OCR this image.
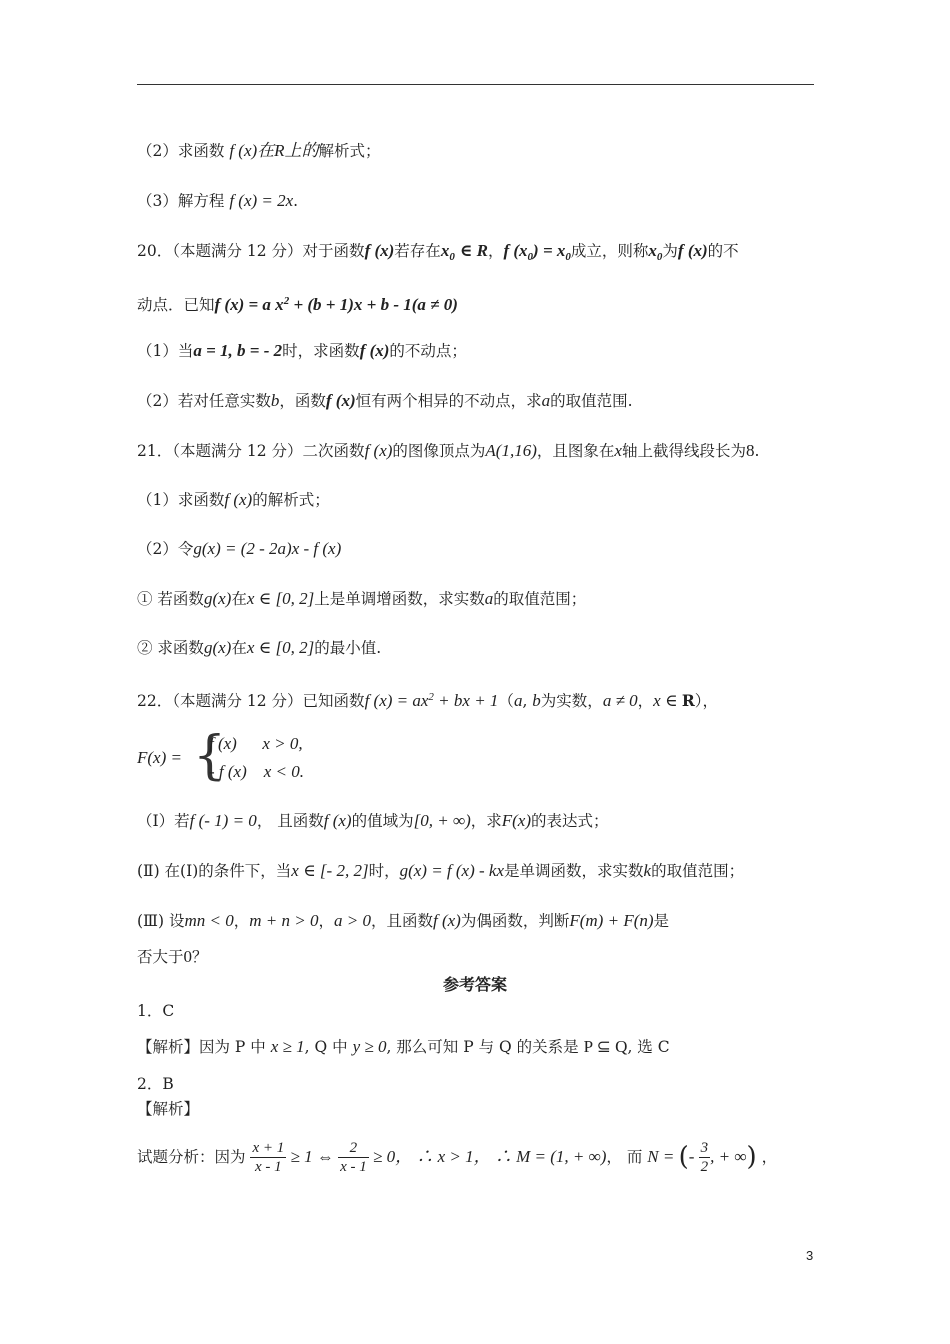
（2）求函数 f (x)在R上的解析式；
（3）解方程 f (x) = 2x.
20．（本题满分 12 分）对于函数f (x)若存在$x_0$ ∈ R，f $(x_0) = x_0$成立，则称$x_0$为f (x)的不
动点．已知f (x) = a $x^2 + (b + 1)x + b - 1(a \ne 0)$
（1）当a = 1, b = - 2时，求函数f (x)的不动点；
（2）若对任意实数b，函数f (x)恒有两个相异的不动点，求a的取值范围.
21．（本题满分 12 分）二次函数f (x)的图像顶点为A(1,16)，且图象在x轴上截得线段长为8.
（1）求函数f (x)的解析式；
（2）令g(x) = (2 - 2a)x - f (x)
① 若函数g(x)在x ∈ [0, 2]上是单调增函数，求实数a的取值范围；
② 求函数g(x)在x ∈ [0, 2]的最小值.
22．（本题满分 12 分）已知函数f $(x) = ax^2$ + bx + 1（a, b为实数，a ≠ 0，x ∈ R），
F(x) = {
f (x)      x > 0,
- f (x)    x < 0.
（Ⅰ）若f (- 1) = 0， 且函数f (x)的值域为[0, + ∞)，求F(x)的表达式；
(Ⅱ) 在(Ⅰ)的条件下，当x ∈ [- 2, 2]时，g(x) = f (x) - kx是单调函数，求实数k的取值范围；
(Ⅲ) 设mn < 0，m + n > 0，a > 0，且函数f (x)为偶函数，判断F(m) + F(n)是
否大于0？
参考答案
1．C
【解析】因为 P 中 x ≥ 1, Q 中 y ≥ 0, 那么可知 P 与 Q 的关系是 P ⊆ Q, 选 C
2．B
【解析】
试题分析：因为 $\frac{x + 1}{x - 1} \ge 1$ ⇔ $\frac{2}{x - 1} \ge 0$， ∴ x > 1， ∴ M = (1, + ∞)， 而 N = (- $\frac{3}{2}$ , + ∞) ，
3
